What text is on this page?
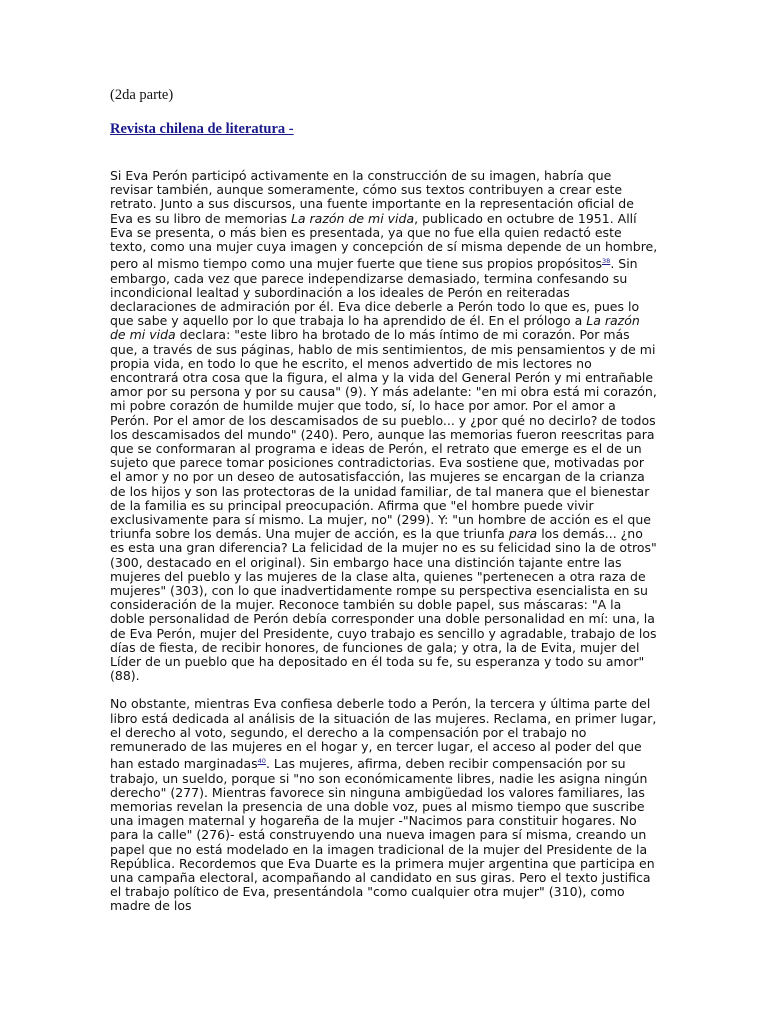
(2da parte)

Revista chilena de literatura -

Si Eva Perón participó activamente en la construcción de su imagen, habría que revisar también, aunque someramente, cómo sus textos contribuyen a crear este retrato. Junto a sus discursos, una fuente importante en la representación oficial de Eva es su libro de memorias La razón de mi vida, publicado en octubre de 1951. Allí Eva se presenta, o más bien es presentada, ya que no fue ella quien redactó este texto, como una mujer cuya imagen y concepción de sí misma depende de un hombre, pero al mismo tiempo como una mujer fuerte que tiene sus propios propósitos$^{38}$. Sin embargo, cada vez que parece independizarse demasiado, termina confesando su incondicional lealtad y subordinación a los ideales de Perón en reiteradas declaraciones de admiración por él. Eva dice deberle a Perón todo lo que es, pues lo que sabe y aquello por lo que trabaja lo ha aprendido de él. En el prólogo a La razón de mi vida declara: "este libro ha brotado de lo más íntimo de mi corazón. Por más que, a través de sus páginas, hablo de mis sentimientos, de mis pensamientos y de mi propia vida, en todo lo que he escrito, el menos advertido de mis lectores no encontrará otra cosa que la figura, el alma y la vida del General Perón y mi entrañable amor por su persona y por su causa" (9). Y más adelante: "en mi obra está mi corazón, mi pobre corazón de humilde mujer que todo, sí, lo hace por amor. Por el amor a Perón. Por el amor de los descamisados de su pueblo... y ¿por qué no decirlo? de todos los descamisados del mundo" (240). Pero, aunque las memorias fueron reescritas para que se conformaran al programa e ideas de Perón, el retrato que emerge es el de un sujeto que parece tomar posiciones contradictorias. Eva sostiene que, motivadas por el amor y no por un deseo de autosatisfacción, las mujeres se encargan de la crianza de los hijos y son las protectoras de la unidad familiar, de tal manera que el bienestar de la familia es su principal preocupación. Afirma que "el hombre puede vivir exclusivamente para sí mismo. La mujer, no" (299). Y: "un hombre de acción es el que triunfa sobre los demás. Una mujer de acción, es la que triunfa para los demás... ¿no es esta una gran diferencia? La felicidad de la mujer no es su felicidad sino la de otros" (300, destacado en el original). Sin embargo hace una distinción tajante entre las mujeres del pueblo y las mujeres de la clase alta, quienes "pertenecen a otra raza de mujeres" (303), con lo que inadvertidamente rompe su perspectiva esencialista en su consideración de la mujer. Reconoce también su doble papel, sus máscaras: "A la doble personalidad de Perón debía corresponder una doble personalidad en mí: una, la de Eva Perón, mujer del Presidente, cuyo trabajo es sencillo y agradable, trabajo de los días de fiesta, de recibir honores, de funciones de gala; y otra, la de Evita, mujer del Líder de un pueblo que ha depositado en él toda su fe, su esperanza y todo su amor" (88).

No obstante, mientras Eva confiesa deberle todo a Perón, la tercera y última parte del libro está dedicada al análisis de la situación de las mujeres. Reclama, en primer lugar, el derecho al voto, segundo, el derecho a la compensación por el trabajo no remunerado de las mujeres en el hogar y, en tercer lugar, el acceso al poder del que han estado marginadas$^{40}$. Las mujeres, afirma, deben recibir compensación por su trabajo, un sueldo, porque si "no son económicamente libres, nadie les asigna ningún derecho" (277). Mientras favorece sin ninguna ambigüedad los valores familiares, las memorias revelan la presencia de una doble voz, pues al mismo tiempo que suscribe una imagen maternal y hogareña de la mujer -"Nacimos para constituir hogares. No para la calle" (276)- está construyendo una nueva imagen para sí misma, creando un papel que no está modelado en la imagen tradicional de la mujer del Presidente de la República. Recordemos que Eva Duarte es la primera mujer argentina que participa en una campaña electoral, acompañando al candidato en sus giras. Pero el texto justifica el trabajo político de Eva, presentándola "como cualquier otra mujer" (310), como madre de los
